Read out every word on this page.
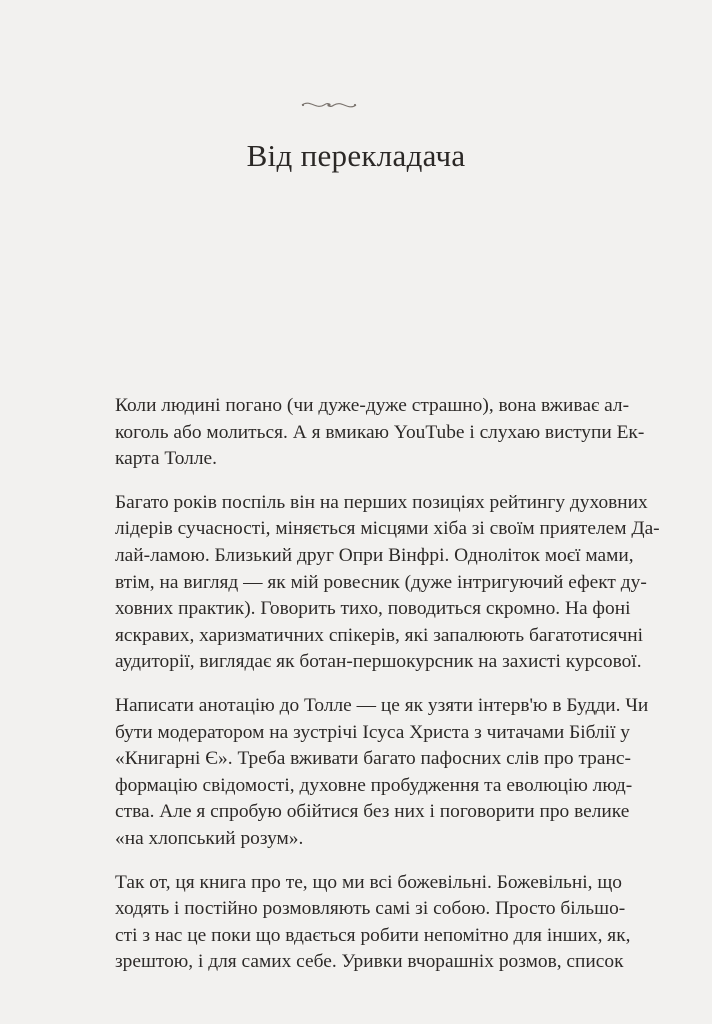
Від перекладача
Коли людині погано (чи дуже-дуже страшно), вона вживає ал-
коголь або молиться. А я вмикаю YouTube і слухаю виступи Ек-
карта Толле.
Багато років поспіль він на перших позиціях рейтингу духовних
лідерів сучасності, міняється місцями хіба зі своїм приятелем Да-
лай-ламою. Близький друг Опри Вінфрі. Одноліток моєї мами,
втім, на вигляд — як мій ровесник (дуже інтригуючий ефект ду-
ховних практик). Говорить тихо, поводиться скромно. На фоні
яскравих, харизматичних спікерів, які запалюють багатотисячні
аудиторії, виглядає як ботан-першокурсник на захисті курсової.
Написати анотацію до Толле — це як узяти інтерв'ю в Будди. Чи
бути модератором на зустрічі Ісуса Христа з читачами Біблії у
«Книгарні Є». Треба вживати багато пафосних слів про транс-
формацію свідомості, духовне пробудження та еволюцію люд-
ства. Але я спробую обійтися без них і поговорити про велике
«на хлопський розум».
Так от, ця книга про те, що ми всі божевільні. Божевільні, що
ходять і постійно розмовляють самі зі собою. Просто більшо-
сті з нас це поки що вдається робити непомітно для інших, як,
зрештою, і для самих себе. Уривки вчорашніх розмов, список
